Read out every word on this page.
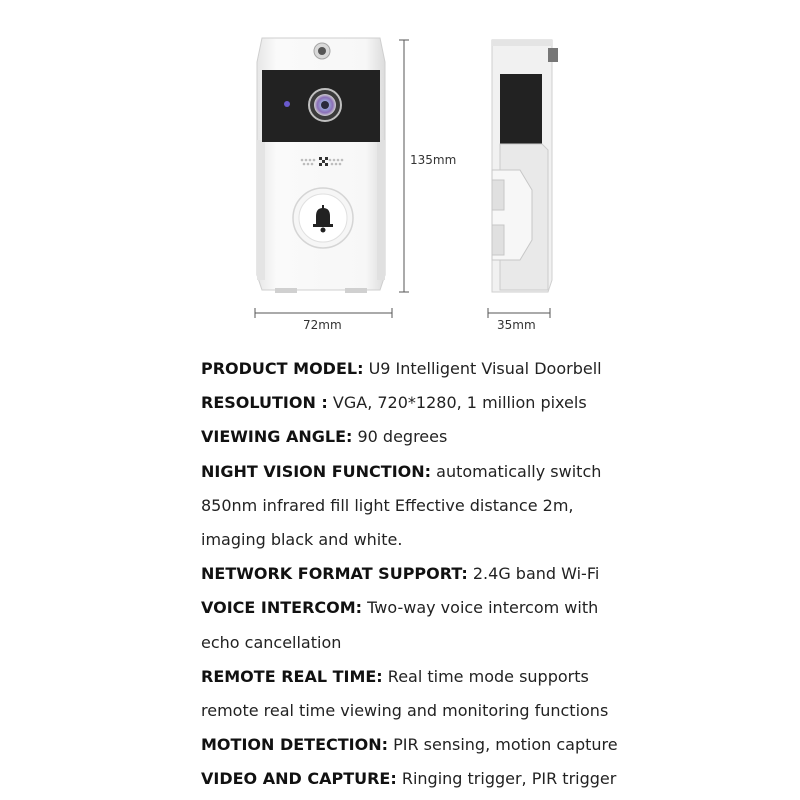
135mm
72mm	35mm
PRODUCT MODEL: U9 Intelligent Visual Doorbell
RESOLUTION : VGA, 720*1280, 1 million pixels
VIEWING ANGLE: 90 degrees
NIGHT VISION FUNCTION: automatically switch
850nm infrared fill light Effective distance 2m,
imaging black and white.
NETWORK FORMAT SUPPORT: 2.4G band Wi-Fi
VOICE INTERCOM: Two-way voice intercom with
echo cancellation
REMOTE REAL TIME: Real time mode supports
remote real time viewing and monitoring functions
MOTION DETECTION: PIR sensing, motion capture
VIDEO AND CAPTURE: Ringing trigger, PIR trigger
